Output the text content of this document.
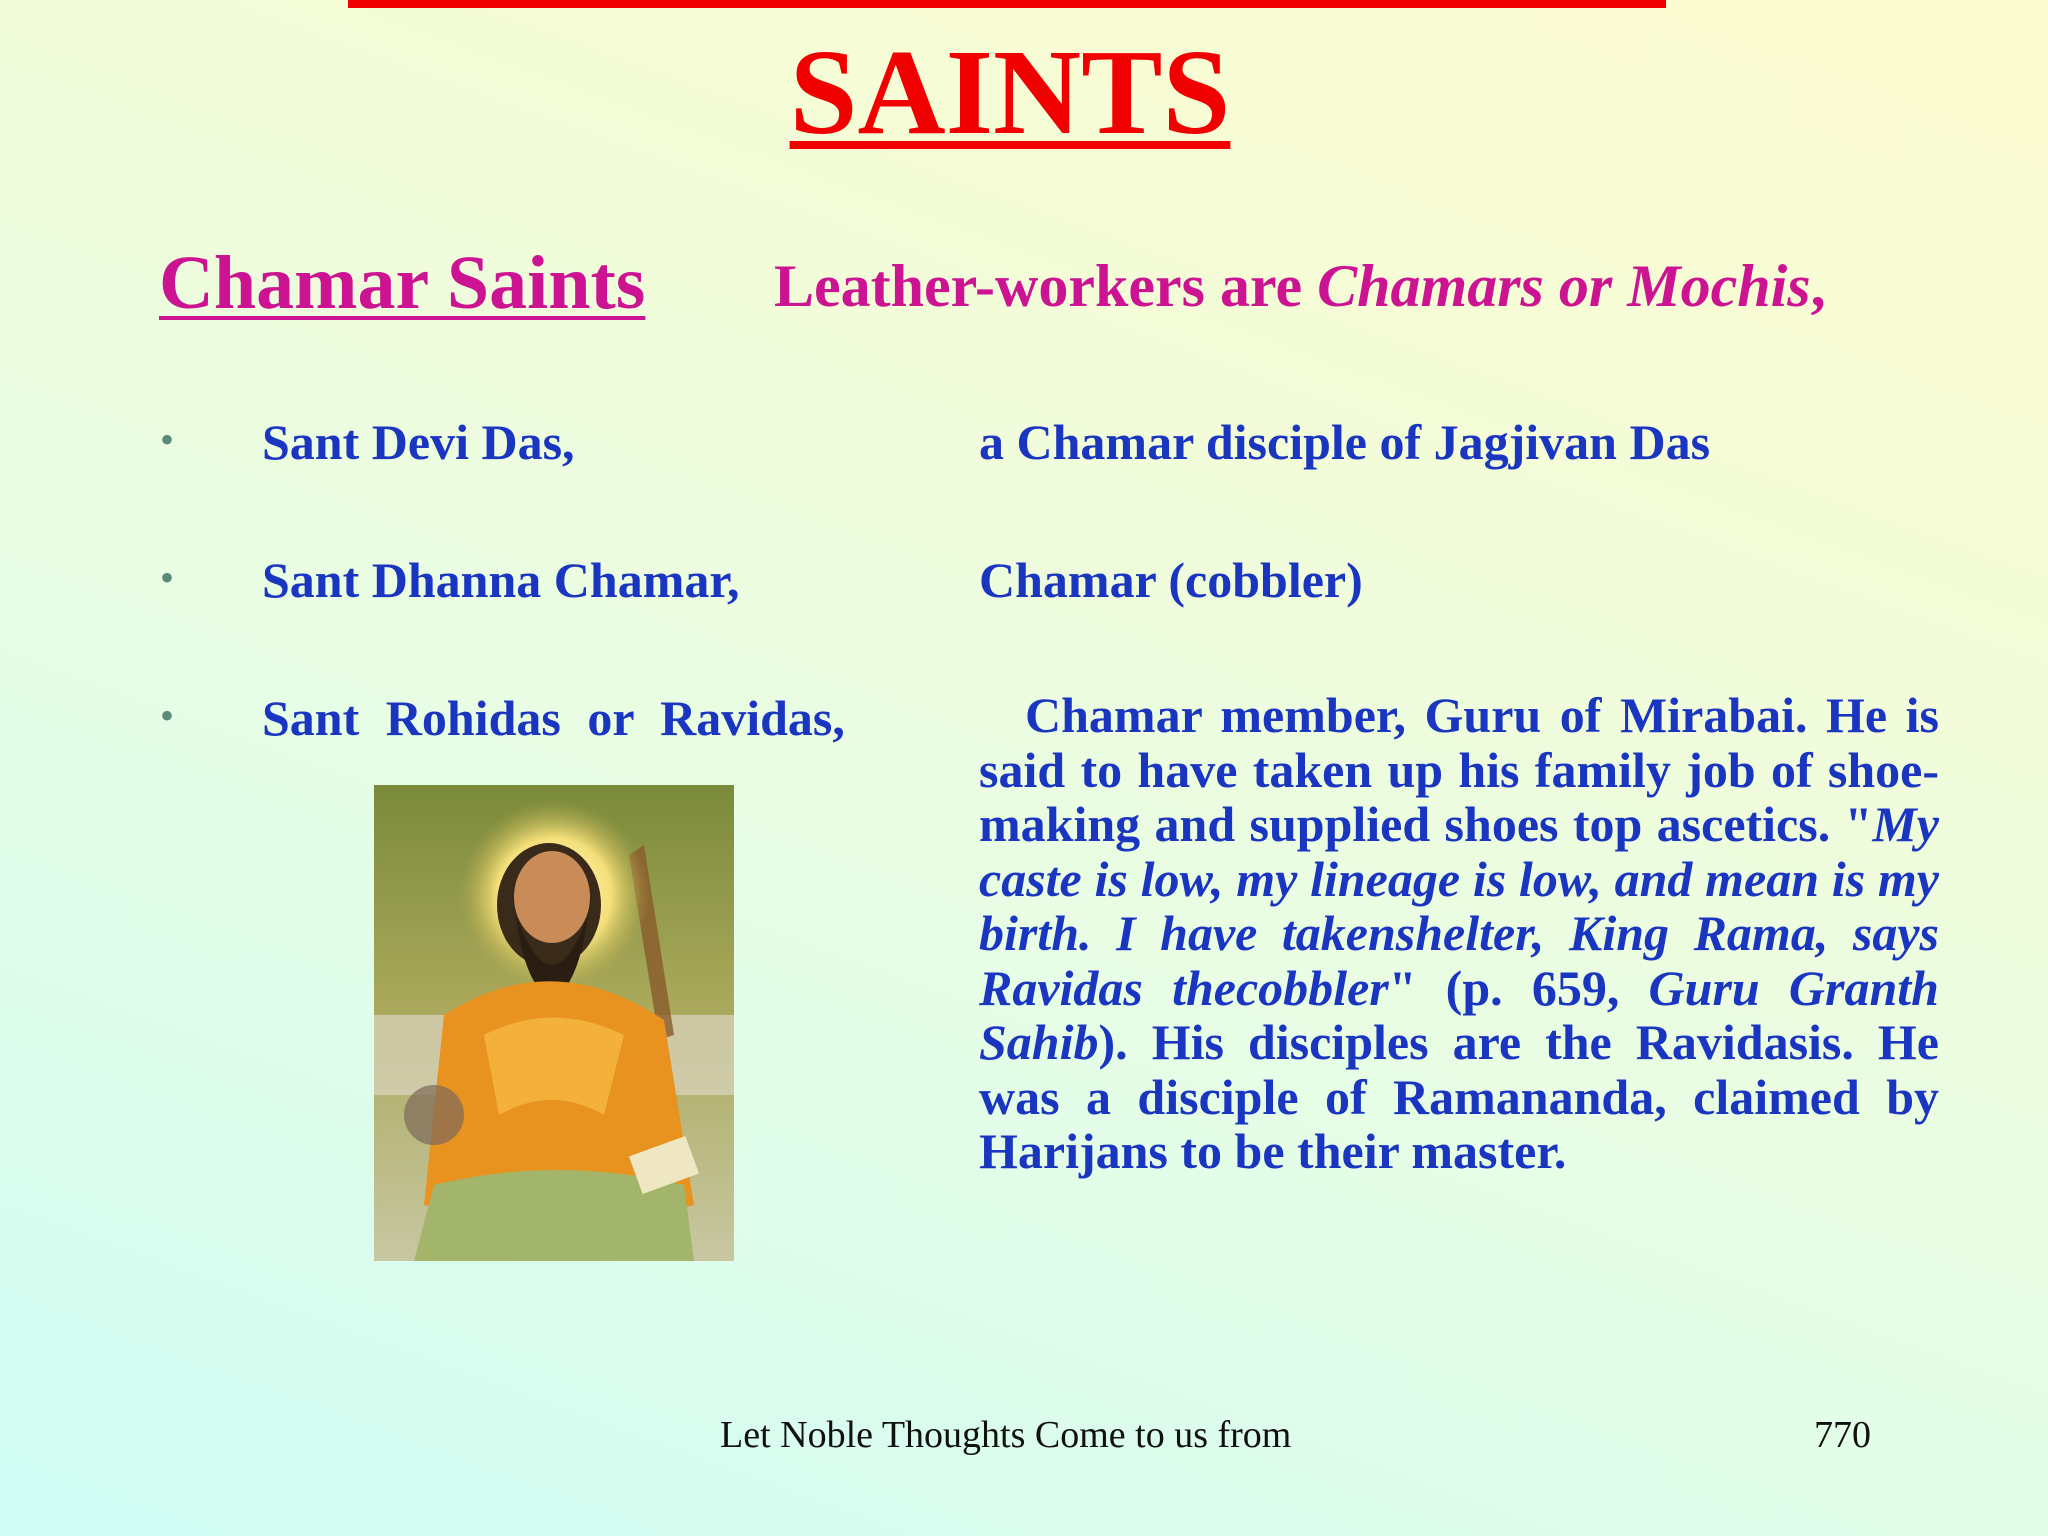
SAINTS
Chamar Saints Leather-workers are Chamars or Mochis,
• Sant Devi Das,	a Chamar disciple of Jagjivan Das
• Sant Dhanna Chamar,	Chamar (cobbler)
• Sant Rohidas or Ravidas,	Chamar member, Guru of Mirabai. He is said to have taken up his family job of shoe-making and supplied shoes top ascetics. "My caste is low, my lineage is low, and mean is my birth. I have takenshelter, King Rama, says Ravidas thecobbler" (p. 659, Guru Granth Sahib). His disciples are the Ravidasis. He was a disciple of Ramananda, claimed by Harijans to be their master.
Let Noble Thoughts Come to us from	770
